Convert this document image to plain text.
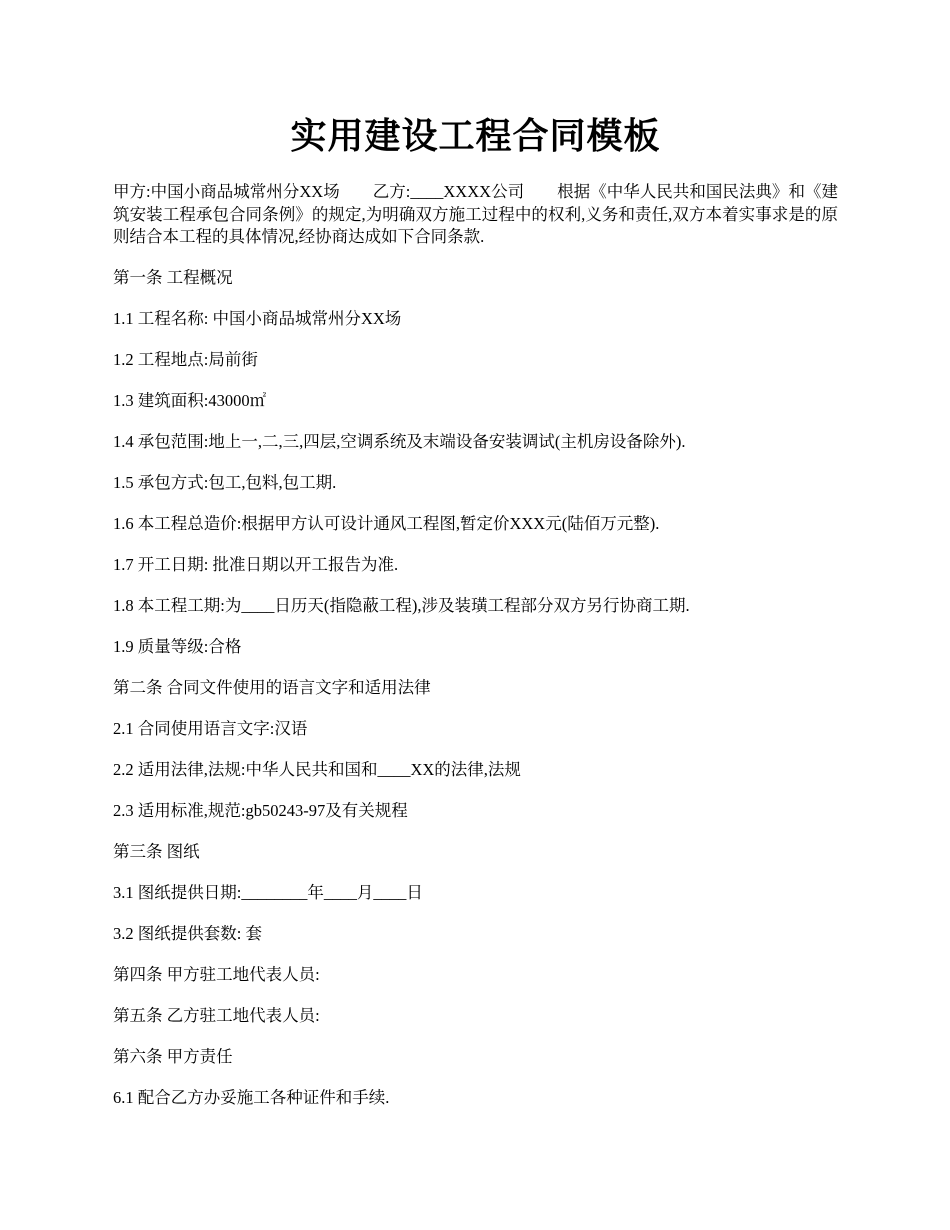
实用建设工程合同模板

甲方:中国小商品城常州分XX场　　乙方:____XXXX公司　　根据《中华人民共和国民法典》和《建筑安装工程承包合同条例》的规定,为明确双方施工过程中的权利,义务和责任,双方本着实事求是的原则结合本工程的具体情况,经协商达成如下合同条款.

第一条 工程概况

1.1 工程名称: 中国小商品城常州分XX场

1.2 工程地点:局前街

1.3 建筑面积:43000㎡

1.4 承包范围:地上一,二,三,四层,空调系统及末端设备安装调试(主机房设备除外).

1.5 承包方式:包工,包料,包工期.

1.6 本工程总造价:根据甲方认可设计通风工程图,暂定价XXX元(陆佰万元整).

1.7 开工日期: 批准日期以开工报告为准.

1.8 本工程工期:为____日历天(指隐蔽工程),涉及装璜工程部分双方另行协商工期.

1.9 质量等级:合格

第二条 合同文件使用的语言文字和适用法律

2.1 合同使用语言文字:汉语

2.2 适用法律,法规:中华人民共和国和____XX的法律,法规

2.3 适用标准,规范:gb50243-97及有关规程

第三条 图纸

3.1 图纸提供日期:________年____月____日

3.2 图纸提供套数: 套

第四条 甲方驻工地代表人员:

第五条 乙方驻工地代表人员:

第六条 甲方责任

6.1 配合乙方办妥施工各种证件和手续.
